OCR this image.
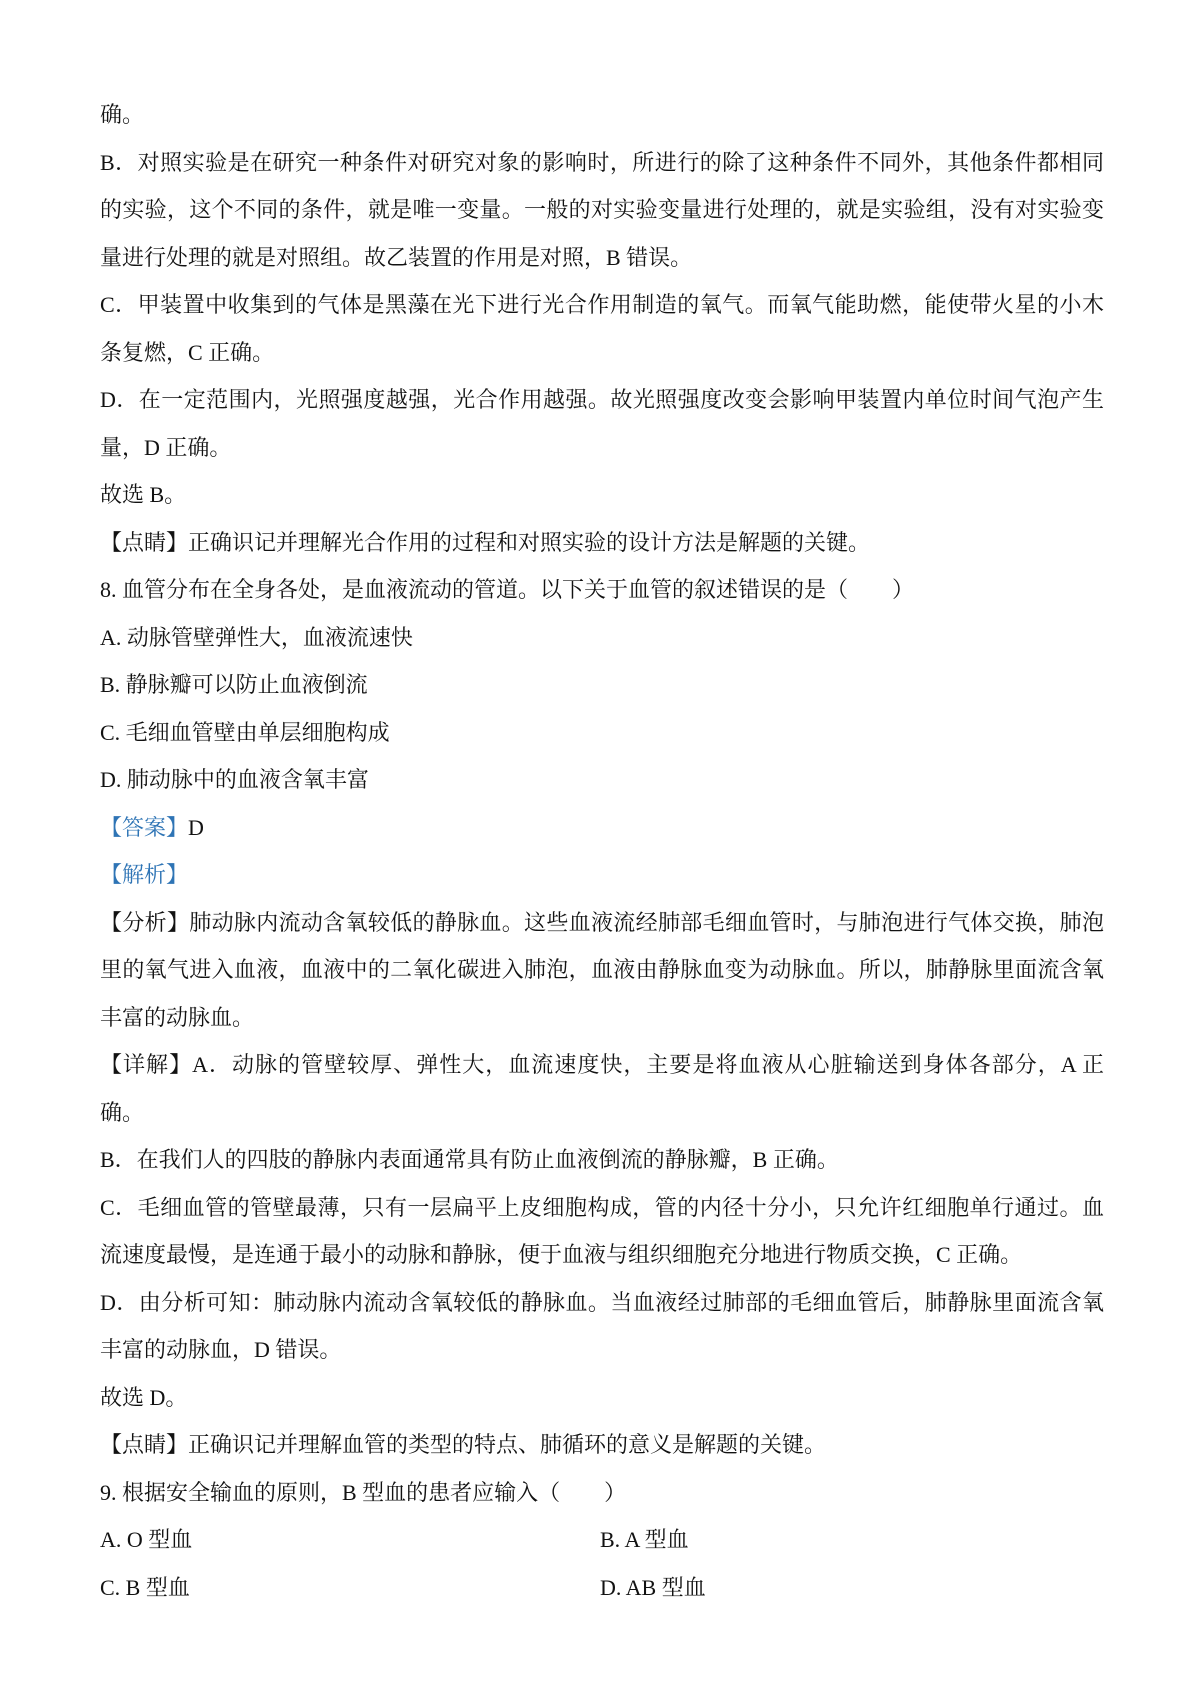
确。

B．对照实验是在研究一种条件对研究对象的影响时，所进行的除了这种条件不同外，其他条件都相同的实验，这个不同的条件，就是唯一变量。一般的对实验变量进行处理的，就是实验组，没有对实验变量进行处理的就是对照组。故乙装置的作用是对照，B 错误。

C．甲装置中收集到的气体是黑藻在光下进行光合作用制造的氧气。而氧气能助燃，能使带火星的小木条复燃，C 正确。

D．在一定范围内，光照强度越强，光合作用越强。故光照强度改变会影响甲装置内单位时间气泡产生量，D 正确。

故选 B。

【点睛】正确识记并理解光合作用的过程和对照实验的设计方法是解题的关键。

8. 血管分布在全身各处，是血液流动的管道。以下关于血管的叙述错误的是（　　）

A. 动脉管壁弹性大，血液流速快

B. 静脉瓣可以防止血液倒流

C. 毛细血管壁由单层细胞构成

D. 肺动脉中的血液含氧丰富

【答案】D

【解析】

【分析】肺动脉内流动含氧较低的静脉血。这些血液流经肺部毛细血管时，与肺泡进行气体交换，肺泡里的氧气进入血液，血液中的二氧化碳进入肺泡，血液由静脉血变为动脉血。所以，肺静脉里面流含氧丰富的动脉血。

【详解】A．动脉的管壁较厚、弹性大，血流速度快，主要是将血液从心脏输送到身体各部分，A 正确。

B．在我们人的四肢的静脉内表面通常具有防止血液倒流的静脉瓣，B 正确。

C．毛细血管的管壁最薄，只有一层扁平上皮细胞构成，管的内径十分小，只允许红细胞单行通过。血流速度最慢，是连通于最小的动脉和静脉，便于血液与组织细胞充分地进行物质交换，C 正确。

D．由分析可知：肺动脉内流动含氧较低的静脉血。当血液经过肺部的毛细血管后，肺静脉里面流含氧丰富的动脉血，D 错误。

故选 D。

【点睛】正确识记并理解血管的类型的特点、肺循环的意义是解题的关键。

9. 根据安全输血的原则，B 型血的患者应输入（　　）

A. O 型血	B. A 型血

C. B 型血	D. AB 型血
